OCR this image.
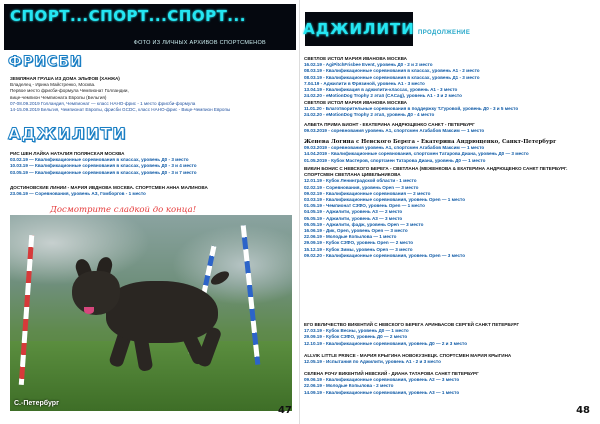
СПОРТ...СПОРТ...СПОРТ...
ФОТО ИЗ ЛИЧНЫХ АРХИВОВ СПОРТСМЕНОВ
ФРИСБИ
ЗЕМЛЯНАЯ ГРУША ИЗ ДОМА ЭЛЬФОВ (ХАНЖА)
Владелец - Ирина Майстренко, Москва.
Первое место фрисби-формула Чемпионат Голландии,
вице-чемпион Чемпионата Европы (Бельгия)
07-08.09.2019 Голландия, Чемпионат — класс НАНО-фрис - 1 место фрисби-формула
14-15.09.2019 Бельгия, Чемпионат Европы, фрисби GCDC, класс НАНО-фрис - Вице-Чемпион Европы
АДЖИЛИТИ
РИС ШЕН ЛАЙКА НАТАЛИЯ ПОЛЯНСКАЯ МОСКВА
03.02.19 — Квалификационные соревнования в классах, уровень Д0 - 3 место
10.03.19 — Квалификационные соревнования в классах, уровень Д0 - 3 и 4 место
03.05.19 — Квалификационные соревнования в классах, уровень Д0 - 3 и 7 место
ДОСТИНОВСКИЕ ЛИНИИ - МАРИЯ ИВДНОВА МОСКВА. СПОРТСМЕН АННА МАЛИНОВА
23.06.19 — Соревнования, уровень АЗ, Гомборгов - 1 место
Досмотрите сладкой до конца!
С.-Петербург
47
АДЖИЛИТИ ПРОДОЛЖЕНИЕ
СВЕТЛОЕ ИСТОЛ МАРИЯ ИВАНОВА МОСКВА
16.02.19 - AgiPitchFrisbee Event, уровень Д0 - 2 и 2 место
08.03.19 - Квалификационные соревнования в классах, уровень А1 - 2 место
08.03.19 - Квалификационные соревнования в классах, уровень Д1 - 3 место
7.04.19 - Аджилити в Фрязиной, уровень А1 - 3 место
13.04.19 - Квалификация в аджилити-классах, уровень А1 - 3 место
24.02.20 - eMotionDog Trophy 2 этап (CACag), уровень А1 - 3 и 2 место
СВЕТЛОЕ ИСТОЛ МАРИЯ ИВАНОВА МОСКВА
11.01.20 - Благотворительные соревнования в поддержку Т.Гуровой, уровень Д0 - 3 и 5 место
24.02.20 - eMotionDog Trophy 2 этап, уровень Д0 - 4 место
АЛБЕТА ПРИМА БИОНТ - ЕКАТЕРИНА АНДРЮЩЕНКО САНКТ - ПЕТЕРБУРГ
09.03.2019 - соревнования уровень А1, спортсмен Агабабов Максим — 1 место
Женева Логина с Невского Берега - Екатерина Андрющенко, Санкт-Петербург
09.03.2019 - соревнования уровень А1, спортсмен Агабабов Максим — 1 место
14.04.2019 - Квалификационные соревнования, спортсмен Татарова Диана, уровень Д0 — 3 место
01.05.2019 - Кубок Мастеров, спортсмен Татарова Диана, уровень Д0 — 1 место
ВИКИН БОНИС С НЕВСКОГО БЕРЕГА - СВЕТЛАНА (МЕЖЕНКОВА & ЕКАТЕРИНА АНДРЮЩЕНКО САНКТ ПЕТЕРБУРГ. СПОРТСМЕН СВЕТЛАНА ЦИВЕЛЬНИКОВА
12.01.19 - Кубок Ленинградской области - 1 место
02.02.19 - Соревнования, уровень Open — 3 место
09.02.19 - Квалификационные соревнования — 2 место
03.03.19 - Квалификационные соревнования, уровень Open — 1 место
01.05.19 - Чемпионат СЗФО, уровень Open — 1 место
04.05.19 - Аджилити, уровень А3 — 2 место
05.05.19 - Аджилити, уровень А3 — 3 место
05.05.19 - Аджилити, фадж, уровень Open — 3 место
16.06.19 - Дик, Open, уровень Open — 3 место
22.06.19 - Молодые Копылова — 1 место
29.09.19 - Кубок СЗФО, уровень Open — 2 место
15.12.19 - Кубок Зимы, уровень Open — 3 место
09.02.20 - Квалификационные соревнования, уровень Open — 3 место
ЕГО ВЕЛИЧЕСТВО ВИКЕНТИЙ С НЕВСКОГО БЕРЕГА АРИНБАСОВ СЕРГЕЙ САНКТ ПЕТЕРБУРГ
17.03.19 - Кубок Весны, уровень Д0 — 1 место
29.09.19 - Кубок СЗФО, уровень Д0 — 2 место
12.10.19 - Квалификационные соревнования, уровень Д0 — 2 и 3 место
ALLVIK LITTLE PRINCE - МАРИЯ КРЫГИНА НОВОКУЗНЕЦК. СПОРТСМЕН МАРИЯ КРЫГИНА
12.05.19 - Испытания по Аджилити, уровень А1 - 2 и 3 место
СЕЛЕНА РОЧУ ВИКЕНТИЙ НЕВСКИЙ - ДИАНА ТАТАРОВА САНКТ ПЕТЕРБУРГ
09.06.19 - Квалификационные соревнования, уровень А2 — 3 место
22.06.19 - Молодые Копылова - 2 место
14.09.19 - Квалификационные соревнования, уровень А3 — 1 место
48
